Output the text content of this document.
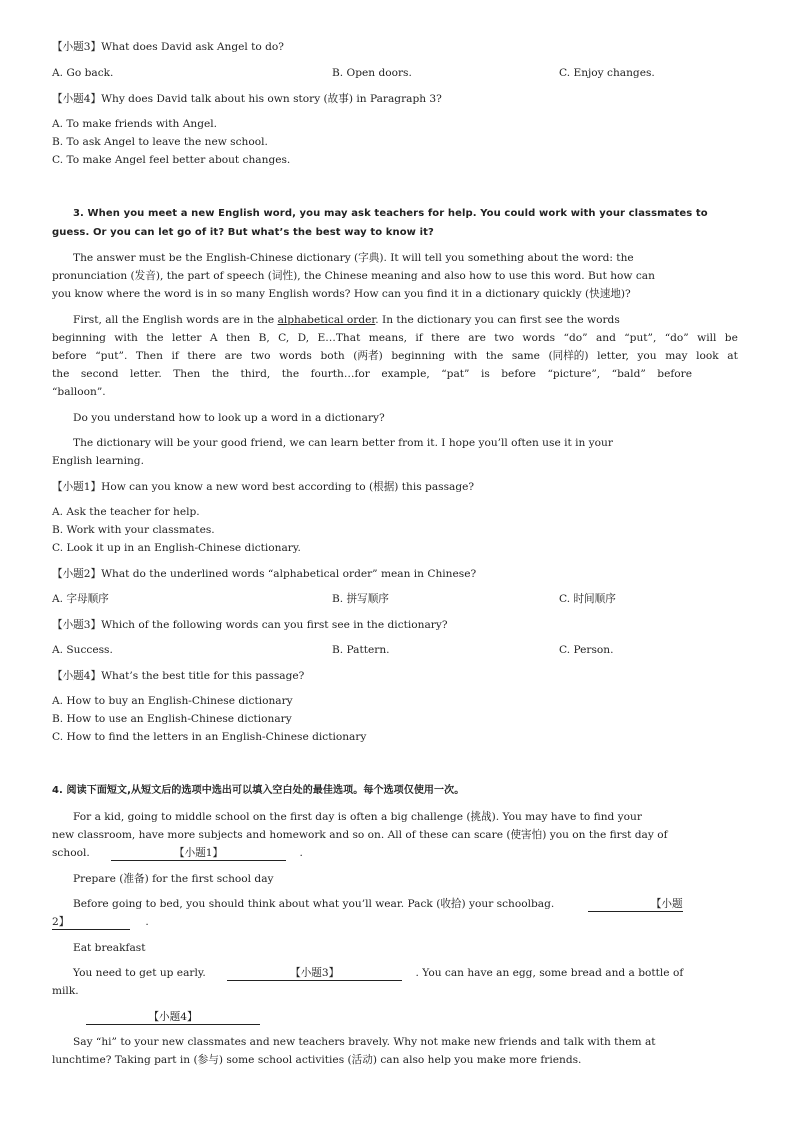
【小题3】What does David ask Angel to do?
A. Go back.	B. Open doors.	C. Enjoy changes.
【小题4】Why does David talk about his own story (故事) in Paragraph 3?
A. To make friends with Angel.
B. To ask Angel to leave the new school.
C. To make Angel feel better about changes.
3. When you meet a new English word, you may ask teachers for help. You could work with your classmates to
guess. Or you can let go of it? But what’s the best way to know it?
The answer must be the English-Chinese dictionary (字典). It will tell you something about the word: the
pronunciation (发音), the part of speech (词性), the Chinese meaning and also how to use this word. But how can
you know where the word is in so many English words? How can you find it in a dictionary quickly (快速地)?
First, all the English words are in the alphabetical order. In the dictionary you can first see the words
beginning with the letter A then B, C, D, E…That means, if there are two words “do” and “put”, “do” will be
before “put”. Then if there are two words both (两者) beginning with the same (同样的) letter, you may look at
the second letter. Then the third, the fourth…for example, “pat” is before “picture”, “bald” before
“balloon”.
Do you understand how to look up a word in a dictionary?
The dictionary will be your good friend, we can learn better from it. I hope you’ll often use it in your
English learning.
【小题1】How can you know a new word best according to (根据) this passage?
A. Ask the teacher for help.
B. Work with your classmates.
C. Look it up in an English-Chinese dictionary.
【小题2】What do the underlined words “alphabetical order” mean in Chinese?
A. 字母顺序	B. 拼写顺序	C. 时间顺序
【小题3】Which of the following words can you first see in the dictionary?
A. Success.	B. Pattern.	C. Person.
【小题4】What’s the best title for this passage?
A. How to buy an English-Chinese dictionary
B. How to use an English-Chinese dictionary
C. How to find the letters in an English-Chinese dictionary
4. 阅读下面短文,从短文后的选项中选出可以填入空白处的最佳选项。每个选项仅使用一次。
For a kid, going to middle school on the first day is often a big challenge (挑战). You may have to find your
new classroom, have more subjects and homework and so on. All of these can scare (使害怕) you on the first day of
school.	【小题1】	.
Prepare (准备) for the first school day
Before going to bed, you should think about what you’ll wear. Pack (收拾) your schoolbag.	【小题
2】	.
Eat breakfast
You need to get up early.	【小题3】	. You can have an egg, some bread and a bottle of
milk.
【小题4】
Say “hi” to your new classmates and new teachers bravely. Why not make new friends and talk with them at
lunchtime? Taking part in (参与) some school activities (活动) can also help you make more friends.
